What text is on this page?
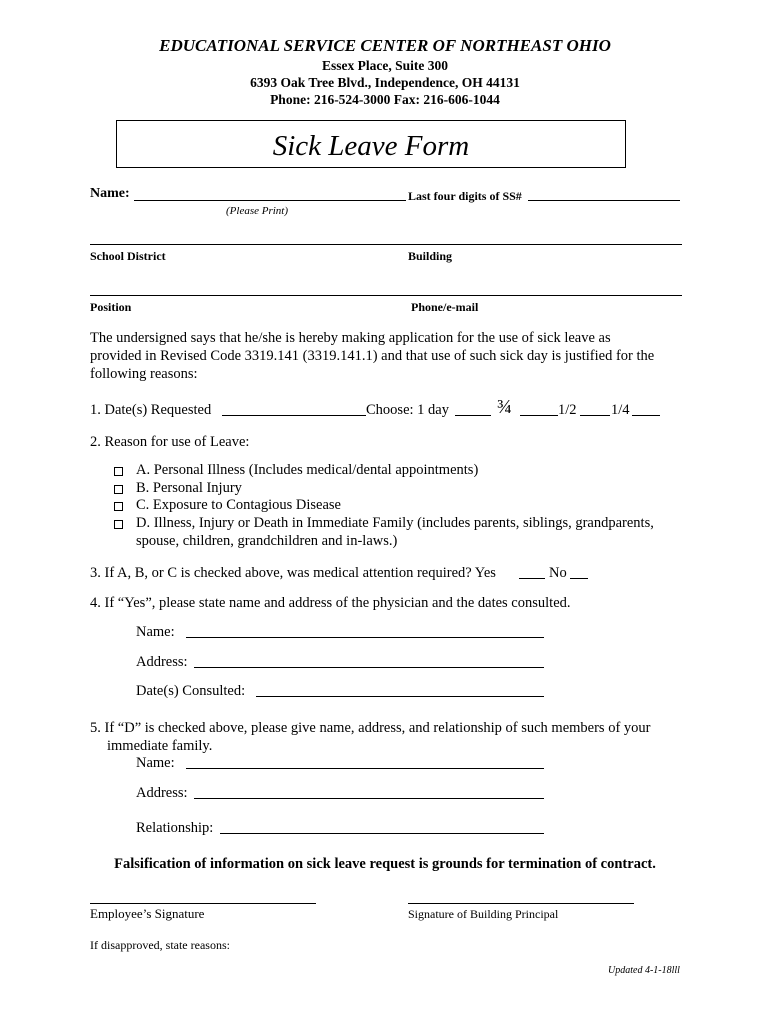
EDUCATIONAL SERVICE CENTER OF NORTHEAST OHIO
Essex Place, Suite 300
6393 Oak Tree Blvd., Independence, OH 44131
Phone: 216-524-3000 Fax: 216-606-1044
Sick Leave Form
Name:
(Please Print)
Last four digits of SS#
School District	Building
Position	Phone/e-mail
The undersigned says that he/she is hereby making application for the use of sick leave as
provided in Revised Code 3319.141 (3319.141.1) and that use of such sick day is justified for the
following reasons:
1. Date(s) Requested	Choose: 1 day ¾	1/2 1/4
2. Reason for use of Leave:
A. Personal Illness (Includes medical/dental appointments)
B. Personal Injury
C. Exposure to Contagious Disease
D. Illness, Injury or Death in Immediate Family (includes parents, siblings, grandparents,
spouse, children, grandchildren and in-laws.)
3. If A, B, or C is checked above, was medical attention required? Yes	No
4. If “Yes”, please state name and address of the physician and the dates consulted.
Name:
Address:
Date(s) Consulted:
5. If “D” is checked above, please give name, address, and relationship of such members of your
immediate family.
Name:
Address:
Relationship:
Falsification of information on sick leave request is grounds for termination of contract.
Employee’s Signature	Signature of Building Principal
If disapproved, state reasons:
Updated 4-1-18lll
